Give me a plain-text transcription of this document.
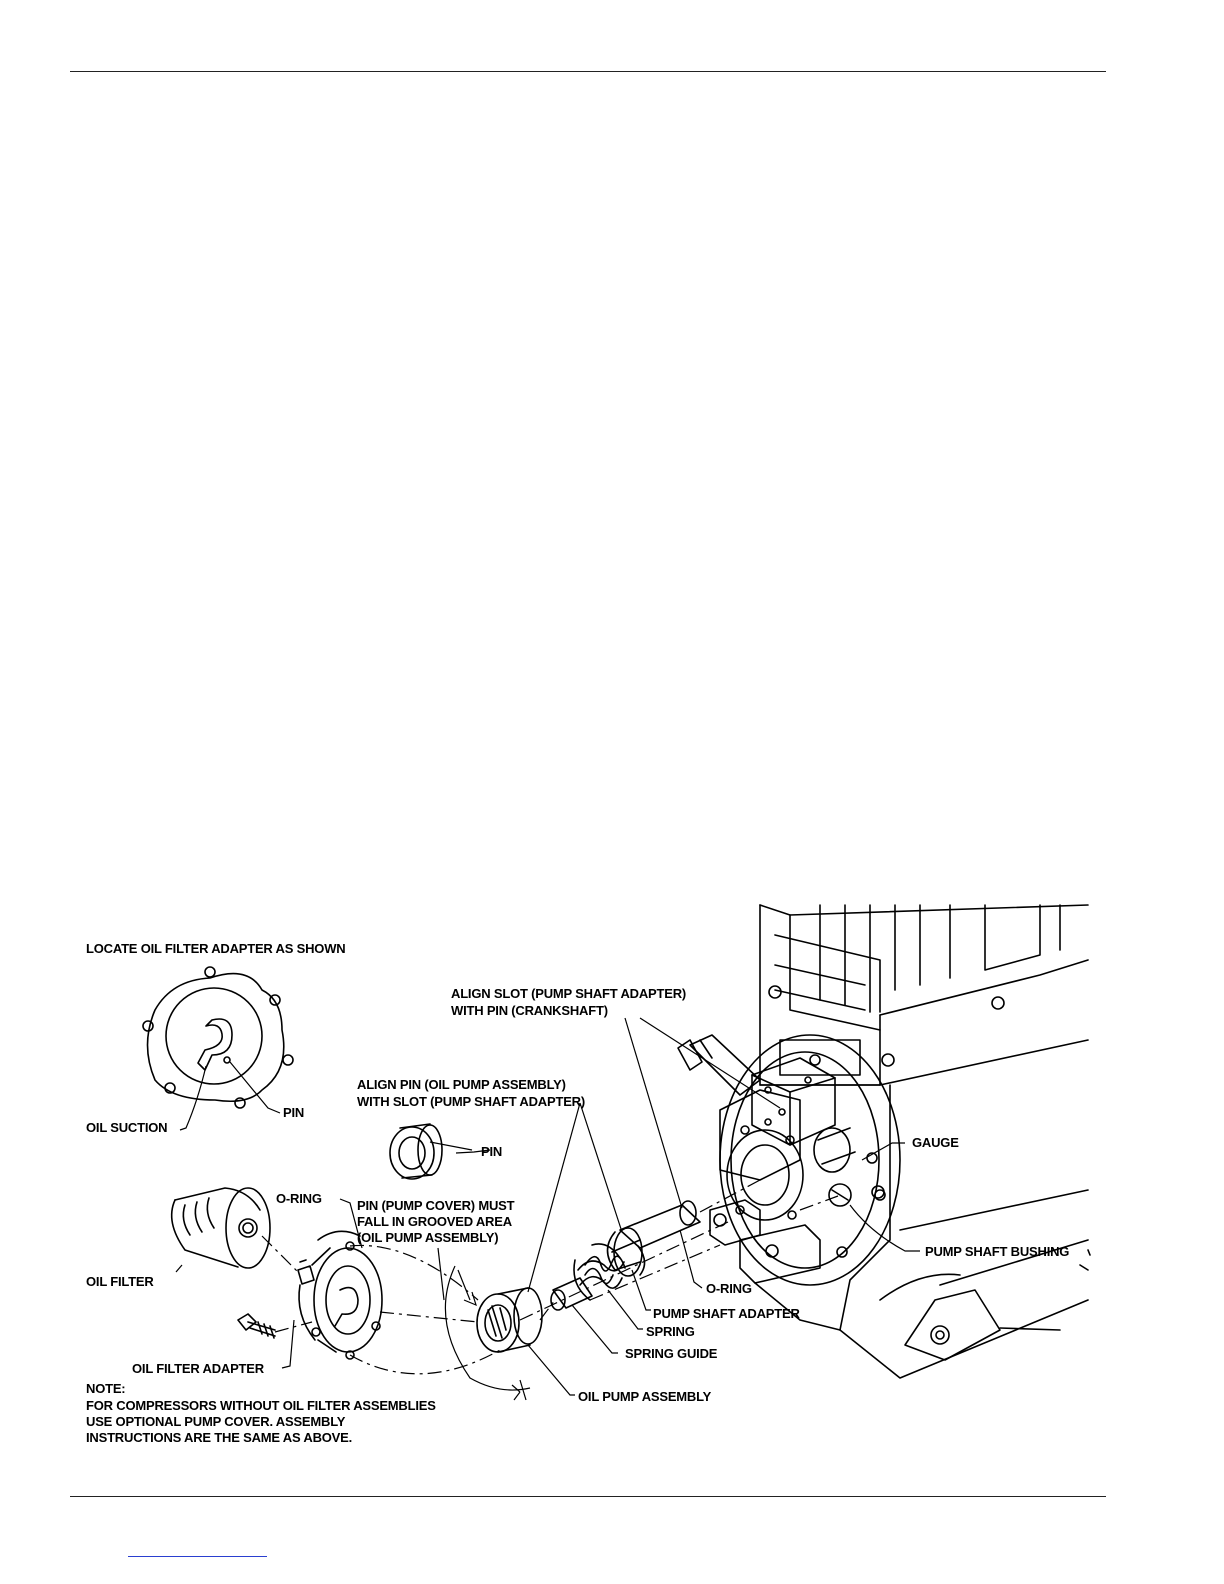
LOCATE OIL FILTER ADAPTER AS SHOWN
ALIGN SLOT (PUMP SHAFT ADAPTER)
WITH PIN (CRANKSHAFT)
ALIGN PIN (OIL PUMP ASSEMBLY)
WITH SLOT (PUMP SHAFT ADAPTER)
PIN
OIL SUCTION
GAUGE
PIN
O-RING	PIN (PUMP COVER) MUST
FALL IN GROOVED AREA
(OIL PUMP ASSEMBLY)
PUMP SHAFT BUSHING
OIL FILTER	O-RING
PUMP SHAFT ADAPTER
SPRING
SPRING GUIDE
OIL FILTER ADAPTER
NOTE:
OIL PUMP ASSEMBLY
FOR COMPRESSORS WITHOUT OIL FILTER ASSEMBLIES
USE OPTIONAL PUMP COVER. ASSEMBLY
INSTRUCTIONS ARE THE SAME AS ABOVE.
